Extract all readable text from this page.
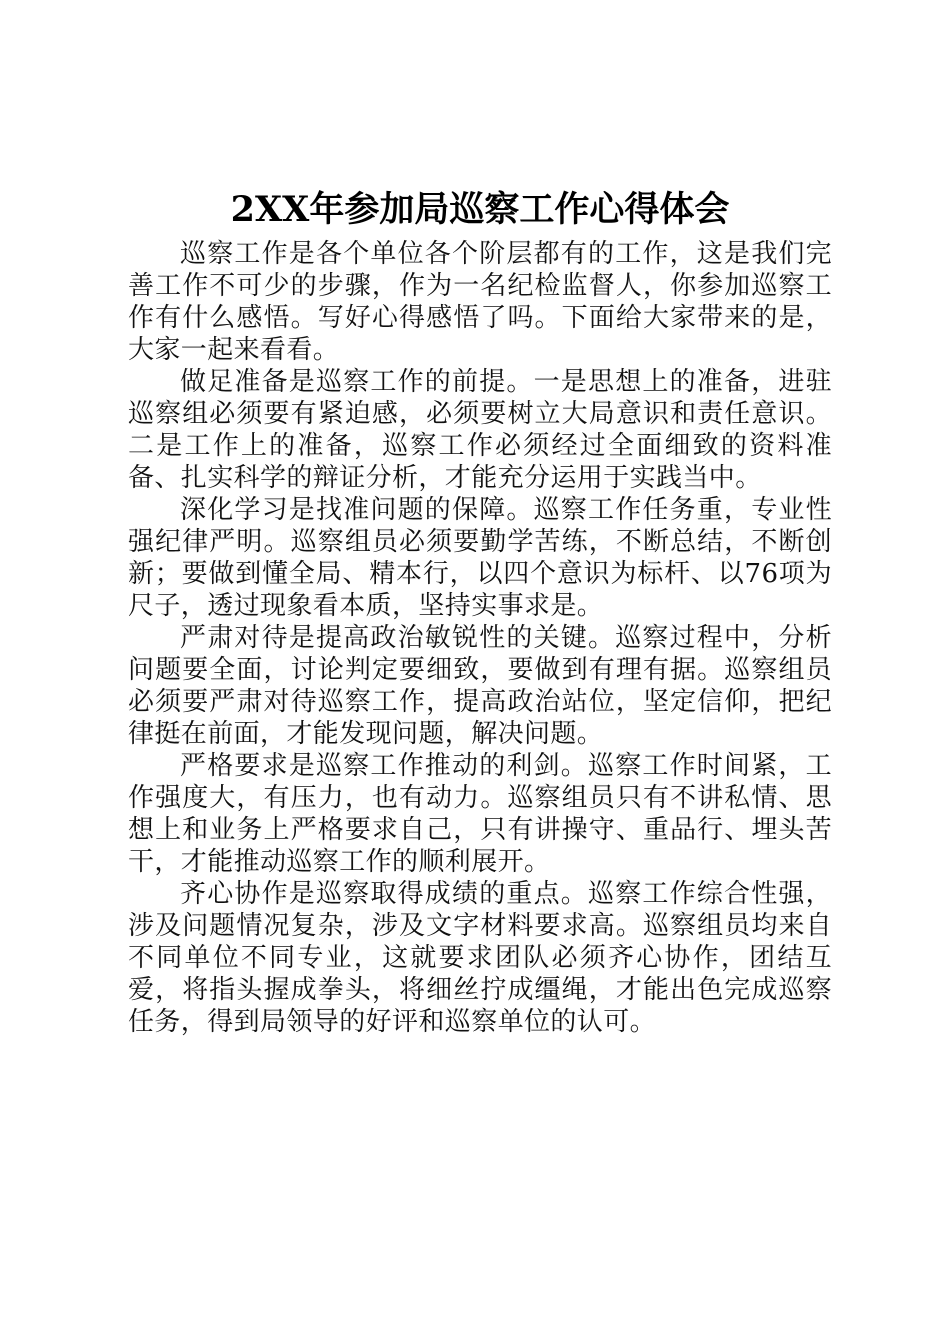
2XX年参加局巡察工作心得体会

巡察工作是各个单位各个阶层都有的工作，这是我们完善工作不可少的步骤，作为一名纪检监督人，你参加巡察工作有什么感悟。写好心得感悟了吗。下面给大家带来的是，大家一起来看看。

做足准备是巡察工作的前提。一是思想上的准备，进驻巡察组必须要有紧迫感，必须要树立大局意识和责任意识。二是工作上的准备，巡察工作必须经过全面细致的资料准备、扎实科学的辩证分析，才能充分运用于实践当中。

深化学习是找准问题的保障。巡察工作任务重，专业性强纪律严明。巡察组员必须要勤学苦练，不断总结，不断创新；要做到懂全局、精本行，以四个意识为标杆、以76项为尺子，透过现象看本质，坚持实事求是。

严肃对待是提高政治敏锐性的关键。巡察过程中，分析问题要全面，讨论判定要细致，要做到有理有据。巡察组员必须要严肃对待巡察工作，提高政治站位，坚定信仰，把纪律挺在前面，才能发现问题，解决问题。

严格要求是巡察工作推动的利剑。巡察工作时间紧，工作强度大，有压力，也有动力。巡察组员只有不讲私情、思想上和业务上严格要求自己，只有讲操守、重品行、埋头苦干，才能推动巡察工作的顺利展开。

齐心协作是巡察取得成绩的重点。巡察工作综合性强，涉及问题情况复杂，涉及文字材料要求高。巡察组员均来自不同单位不同专业，这就要求团队必须齐心协作，团结互爱，将指头握成拳头，将细丝拧成缰绳，才能出色完成巡察任务，得到局领导的好评和巡察单位的认可。
